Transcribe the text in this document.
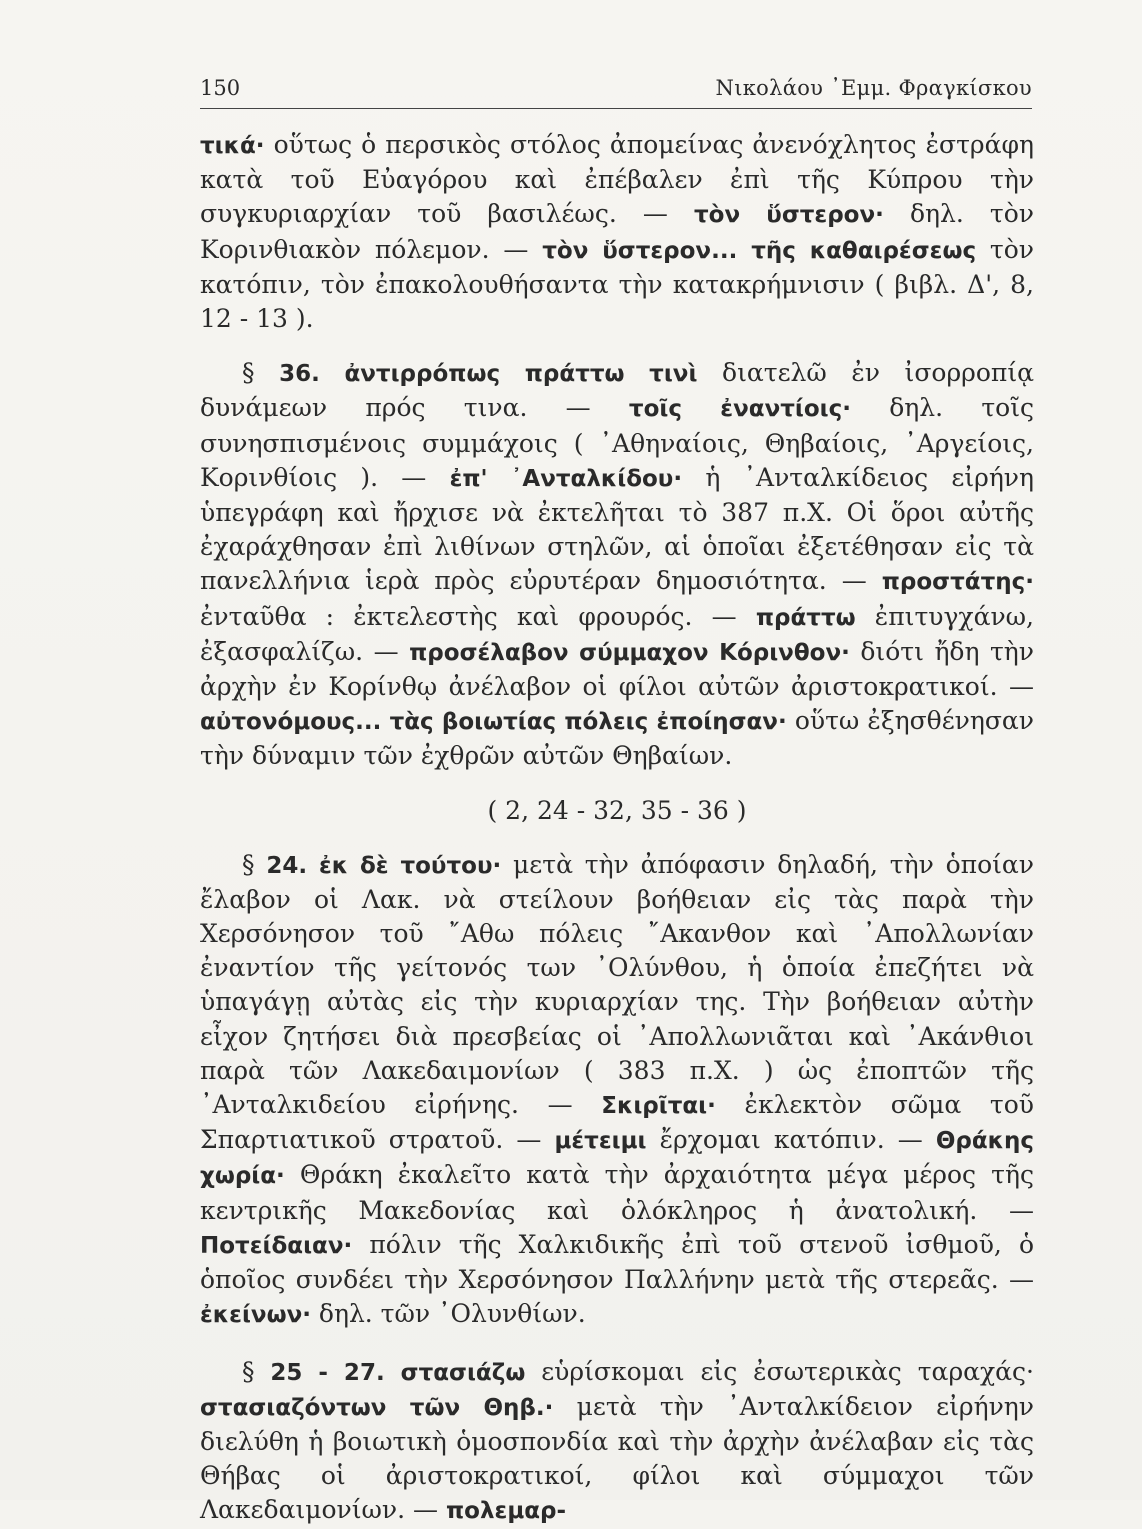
150	Νικολάου ᾽Εμμ. Φραγκίσκου

τικά· οὕτως ὁ περσικὸς στόλος ἀπομείνας ἀνενόχλητος ἐστράφη κατὰ τοῦ Εὐαγόρου καὶ ἐπέβαλεν ἐπὶ τῆς Κύπρου τὴν συγκυριαρχίαν τοῦ βασιλέως. — τὸν ὕστερον· δηλ. τὸν Κορινθιακὸν πόλεμον. — τὸν ὕστερον... τῆς καθαιρέσεως τὸν κατόπιν, τὸν ἐπακολουθήσαντα τὴν κατακρήμνισιν ( βιβλ. Δ', 8, 12 - 13 ).

§ 36. ἀντιρρόπως πράττω τινὶ διατελῶ ἐν ἰσορροπίᾳ δυνάμεων πρός τινα. — τοῖς ἐναντίοις· δηλ. τοῖς συνησπισμένοις συμμάχοις ( ᾽Αθηναίοις, Θηβαίοις, ᾽Αργείοις, Κορινθίοις ). — ἐπ' ᾽Ανταλκίδου· ἡ ᾽Ανταλκίδειος εἰρήνη ὑπεγράφη καὶ ἤρχισε νὰ ἐκτελῆται τὸ 387 π.Χ. Οἱ ὅροι αὐτῆς ἐχαράχθησαν ἐπὶ λιθίνων στηλῶν, αἱ ὁποῖαι ἐξετέθησαν εἰς τὰ πανελλήνια ἱερὰ πρὸς εὐρυτέραν δημοσιότητα. — προστάτης· ἐνταῦθα : ἐκτελεστὴς καὶ φρουρός. — πράττω ἐπιτυγχάνω, ἐξασφαλίζω. — προσέλαβον σύμμαχον Κόρινθον· διότι ἤδη τὴν ἀρχὴν ἐν Κορίνθῳ ἀνέλαβον οἱ φίλοι αὐτῶν ἀριστοκρατικοί. — αὐτονόμους... τὰς βοιωτίας πόλεις ἐποίησαν· οὕτω ἐξησθένησαν τὴν δύναμιν τῶν ἐχθρῶν αὐτῶν Θηβαίων.

( 2, 24 - 32, 35 - 36 )

§ 24. ἐκ δὲ τούτου· μετὰ τὴν ἀπόφασιν δηλαδή, τὴν ὁποίαν ἔλαβον οἱ Λακ. νὰ στείλουν βοήθειαν εἰς τὰς παρὰ τὴν Χερσόνησον τοῦ ῎Αθω πόλεις ῎Ακανθον καὶ ᾽Απολλωνίαν ἐναντίον τῆς γείτονός των ᾽Ολύνθου, ἡ ὁποία ἐπεζήτει νὰ ὑπαγάγῃ αὐτὰς εἰς τὴν κυριαρχίαν της. Τὴν βοήθειαν αὐτὴν εἶχον ζητήσει διὰ πρεσβείας οἱ ᾽Απολλωνιᾶται καὶ ᾽Ακάνθιοι παρὰ τῶν Λακεδαιμονίων ( 383 π.Χ. ) ὡς ἐποπτῶν τῆς ᾽Ανταλκιδείου εἰρήνης. — Σκιρῖται· ἐκλεκτὸν σῶμα τοῦ Σπαρτιατικοῦ στρατοῦ. — μέτειμι ἔρχομαι κατόπιν. — Θράκης χωρία· Θράκη ἐκαλεῖτο κατὰ τὴν ἀρχαιότητα μέγα μέρος τῆς κεντρικῆς Μακεδονίας καὶ ὁλόκληρος ἡ ἀνατολική. — Ποτείδαιαν· πόλιν τῆς Χαλκιδικῆς ἐπὶ τοῦ στενοῦ ἰσθμοῦ, ὁ ὁποῖος συνδέει τὴν Χερσόνησον Παλλήνην μετὰ τῆς στερεᾶς. — ἐκείνων· δηλ. τῶν ᾽Ολυνθίων.

§ 25 - 27. στασιάζω εὑρίσκομαι εἰς ἐσωτερικὰς ταραχάς· στασιαζόντων τῶν Θηβ.· μετὰ τὴν ᾽Ανταλκίδειον εἰρήνην διελύθη ἡ βοιωτικὴ ὁμοσπονδία καὶ τὴν ἀρχὴν ἀνέλαβαν εἰς τὰς Θήβας οἱ ἀριστοκρατικοί, φίλοι καὶ σύμμαχοι τῶν Λακεδαιμονίων. — πολεμαρ-
